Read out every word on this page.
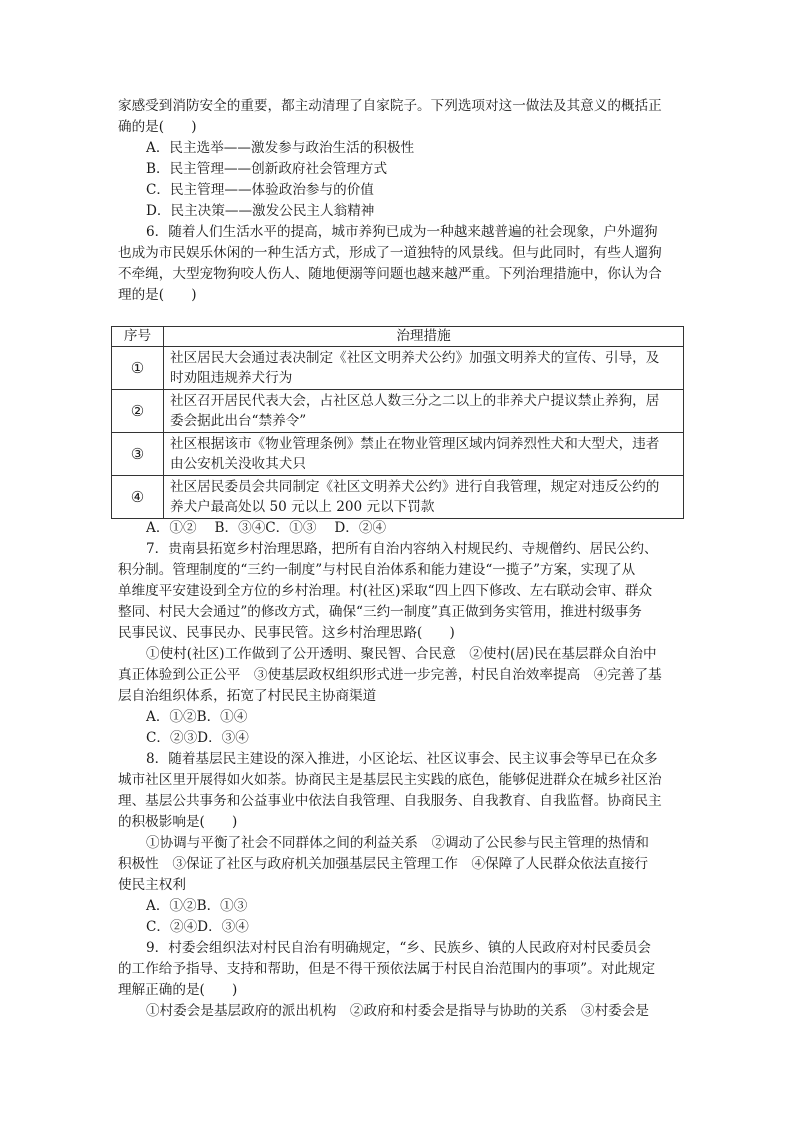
家感受到消防安全的重要，都主动清理了自家院子。下列选项对这一做法及其意义的概括正
确的是(　　)
A．民主选举——激发参与政治生活的积极性
B．民主管理——创新政府社会管理方式
C．民主管理——体验政治参与的价值
D．民主决策——激发公民主人翁精神
6．随着人们生活水平的提高，城市养狗已成为一种越来越普遍的社会现象，户外遛狗
也成为市民娱乐休闲的一种生活方式，形成了一道独特的风景线。但与此同时，有些人遛狗
不牵绳，大型宠物狗咬人伤人、随地便溺等问题也越来越严重。下列治理措施中，你认为合
理的是(　　)
序号	治理措施
①	社区居民大会通过表决制定《社区文明养犬公约》加强文明养犬的宣传、引导，及
时劝阻违规养犬行为

②	社区召开居民代表大会，占社区总人数三分之二以上的非养犬户提议禁止养狗，居
委会据此出台“禁养令”

③	社区根据该市《物业管理条例》禁止在物业管理区域内饲养烈性犬和大型犬，违者
由公安机关没收其犬只

④	社区居民委员会共同制定《社区文明养犬公约》进行自我管理，规定对违反公约的
养犬户最高处以 50 元以上 200 元以下罚款
A．①②　 B．③④C．①③　 D．②④
7．贵南县拓宽乡村治理思路，把所有自治内容纳入村规民约、寺规僧约、居民公约、
积分制。管理制度的“三约一制度”与村民自治体系和能力建设“一揽子”方案，实现了从
单维度平安建设到全方位的乡村治理。村(社区)采取“四上四下修改、左右联动会审、群众
整同、村民大会通过”的修改方式，确保“三约一制度”真正做到务实管用，推进村级事务
民事民议、民事民办、民事民管。这乡村治理思路(　　)
①使村(社区)工作做到了公开透明、聚民智、合民意　②使村(居)民在基层群众自治中
真正体验到公正公平　③使基层政权组织形式进一步完善，村民自治效率提高　④完善了基
层自治组织体系，拓宽了村民民主协商渠道
A．①②B．①④
C．②③D．③④
8．随着基层民主建设的深入推进，小区论坛、社区议事会、民主议事会等早已在众多
城市社区里开展得如火如荼。协商民主是基层民主实践的底色，能够促进群众在城乡社区治
理、基层公共事务和公益事业中依法自我管理、自我服务、自我教育、自我监督。协商民主
的积极影响是(　　)
①协调与平衡了社会不同群体之间的利益关系　②调动了公民参与民主管理的热情和
积极性　③保证了社区与政府机关加强基层民主管理工作　④保障了人民群众依法直接行
使民主权利
A．①②B．①③
C．②④D．③④
9．村委会组织法对村民自治有明确规定，“乡、民族乡、镇的人民政府对村民委员会
的工作给予指导、支持和帮助，但是不得干预依法属于村民自治范围内的事项”。对此规定
理解正确的是(　　)
①村委会是基层政府的派出机构　②政府和村委会是指导与协助的关系　③村委会是
